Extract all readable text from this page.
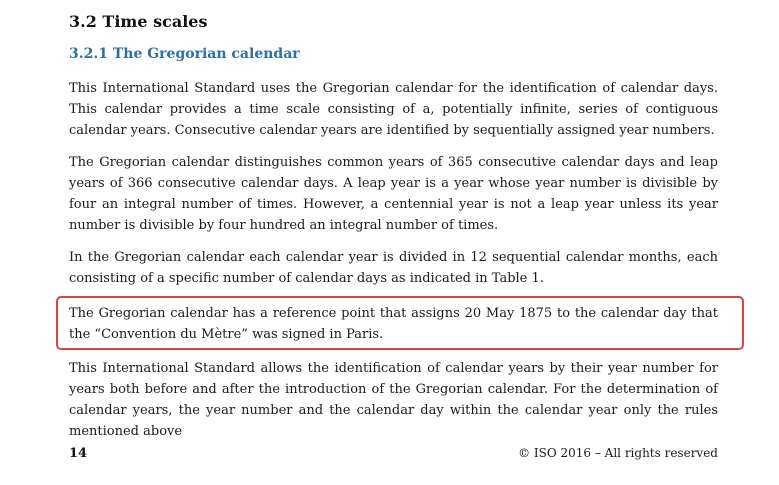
3.2 Time scales
3.2.1 The Gregorian calendar

This International Standard uses the Gregorian calendar for the identification of calendar days. This calendar provides a time scale consisting of a, potentially infinite, series of contiguous calendar years. Consecutive calendar years are identified by sequentially assigned year numbers.

The Gregorian calendar distinguishes common years of 365 consecutive calendar days and leap years of 366 consecutive calendar days. A leap year is a year whose year number is divisible by four an integral number of times. However, a centennial year is not a leap year unless its year number is divisible by four hundred an integral number of times.

In the Gregorian calendar each calendar year is divided in 12 sequential calendar months, each consisting of a specific number of calendar days as indicated in Table 1.

The Gregorian calendar has a reference point that assigns 20 May 1875 to the calendar day that the “Convention du Mètre” was signed in Paris.

This International Standard allows the identification of calendar years by their year number for years both before and after the introduction of the Gregorian calendar. For the determination of calendar years, the year number and the calendar day within the calendar year only the rules mentioned above

14	© ISO 2016 – All rights reserved
